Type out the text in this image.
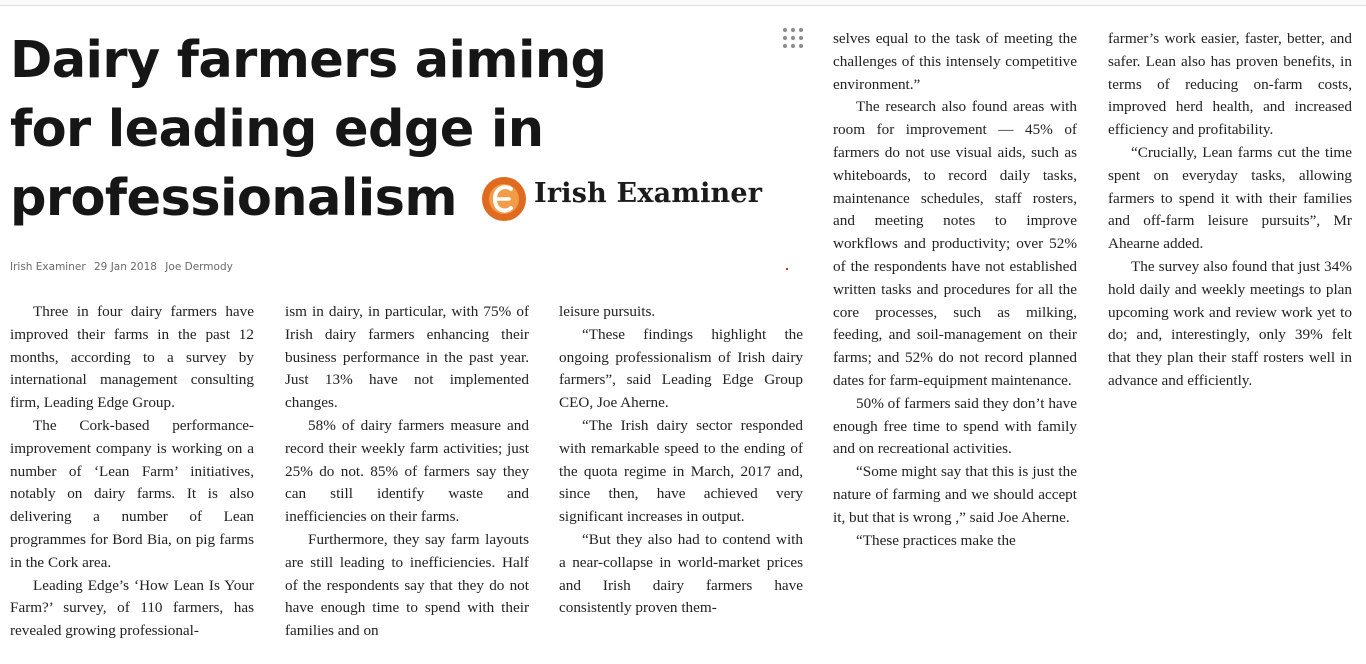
Dairy farmers aiming for leading edge in professionalism	Irish Examiner
Irish Examiner 29 Jan 2018 Joe Dermody

Three in four dairy farmers have improved their farms in the past 12 months, according to a survey by international management consulting firm, Leading Edge Group.

The Cork-based performance-improvement company is working on a number of ‘Lean Farm’ initiatives, notably on dairy farms. It is also delivering a number of Lean programmes for Bord Bia, on pig farms in the Cork area.

Leading Edge’s ‘How Lean Is Your Farm?’ survey, of 110 farmers, has revealed growing professional-

ism in dairy, in particular, with 75% of Irish dairy farmers enhancing their business performance in the past year. Just 13% have not implemented changes.

58% of dairy farmers measure and record their weekly farm activities; just 25% do not. 85% of farmers say they can still identify waste and inefficiencies on their farms.

Furthermore, they say farm layouts are still leading to inefficiencies. Half of the respondents say that they do not have enough time to spend with their families and on

leisure pursuits.

“These findings highlight the ongoing professionalism of Irish dairy farmers”, said Leading Edge Group CEO, Joe Aherne.

“The Irish dairy sector responded with remarkable speed to the ending of the quota regime in March, 2017 and, since then, have achieved very significant increases in output.

“But they also had to contend with a near-collapse in world-market prices and Irish dairy farmers have consistently proven them-

selves equal to the task of meeting the challenges of this intensely competitive environment.”

The research also found areas with room for improvement — 45% of farmers do not use visual aids, such as whiteboards, to record daily tasks, maintenance schedules, staff rosters, and meeting notes to improve workflows and productivity; over 52% of the respondents have not established written tasks and procedures for all the core processes, such as milking, feeding, and soil-management on their farms; and 52% do not record planned dates for farm-equipment maintenance.

50% of farmers said they don’t have enough free time to spend with family and on recreational activities.

“Some might say that this is just the nature of farming and we should accept it, but that is wrong ,” said Joe Aherne.

“These practices make the

farmer’s work easier, faster, better, and safer. Lean also has proven benefits, in terms of reducing on-farm costs, improved herd health, and increased efficiency and profitability.

“Crucially, Lean farms cut the time spent on everyday tasks, allowing farmers to spend it with their families and off-farm leisure pursuits”, Mr Ahearne added.

The survey also found that just 34% hold daily and weekly meetings to plan upcoming work and review work yet to do; and, interestingly, only 39% felt that they plan their staff rosters well in advance and efficiently.
